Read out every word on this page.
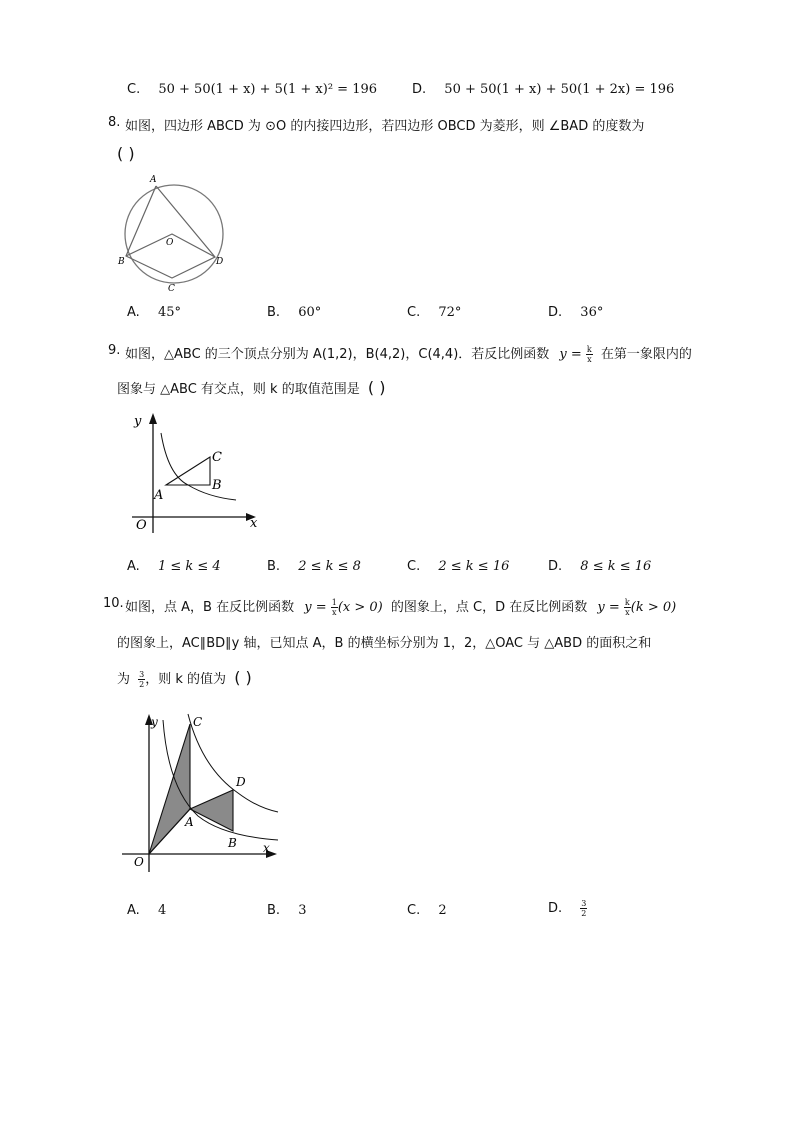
C. 50 + 50(1 + x) + 5(1 + x)² = 196	D. 50 + 50(1 + x) + 50(1 + 2x) = 196
8. 如图，四边形 ABCD 为 ⊙O 的内接四边形，若四边形 OBCD 为菱形，则 ∠BAD 的度数为
( )
A
B
C
D
O
A. 45°	B. 60°	C. 72°	D. 36°
9. 如图，△ABC 的三个顶点分别为 A(1,2)，B(4,2)，C(4,4)．若反比例函数 $y = \frac{k}{x}$ 在第一象限内的
图象与 △ABC 有交点，则 k 的取值范围是 ( )
y
x
O
A
B
C
A. 1 ≤ k ≤ 4	B. 2 ≤ k ≤ 8	C. 2 ≤ k ≤ 16	D. 8 ≤ k ≤ 16
10. 如图，点 A，B 在反比例函数 $y = \frac{1}{x} (x > 0)$ 的图象上，点 C，D 在反比例函数 $y = \frac{k}{x} (k > 0)$
的图象上，AC∥BD∥y 轴，已知点 A，B 的横坐标分别为 1，2，△OAC 与 △ABD 的面积之和
为 $\frac{3}{2}$ ，则 k 的值为 ( )
y
x
O
A
B
C
D
A. 4	B. 3	C. 2	D. $\frac{3}{2}$
